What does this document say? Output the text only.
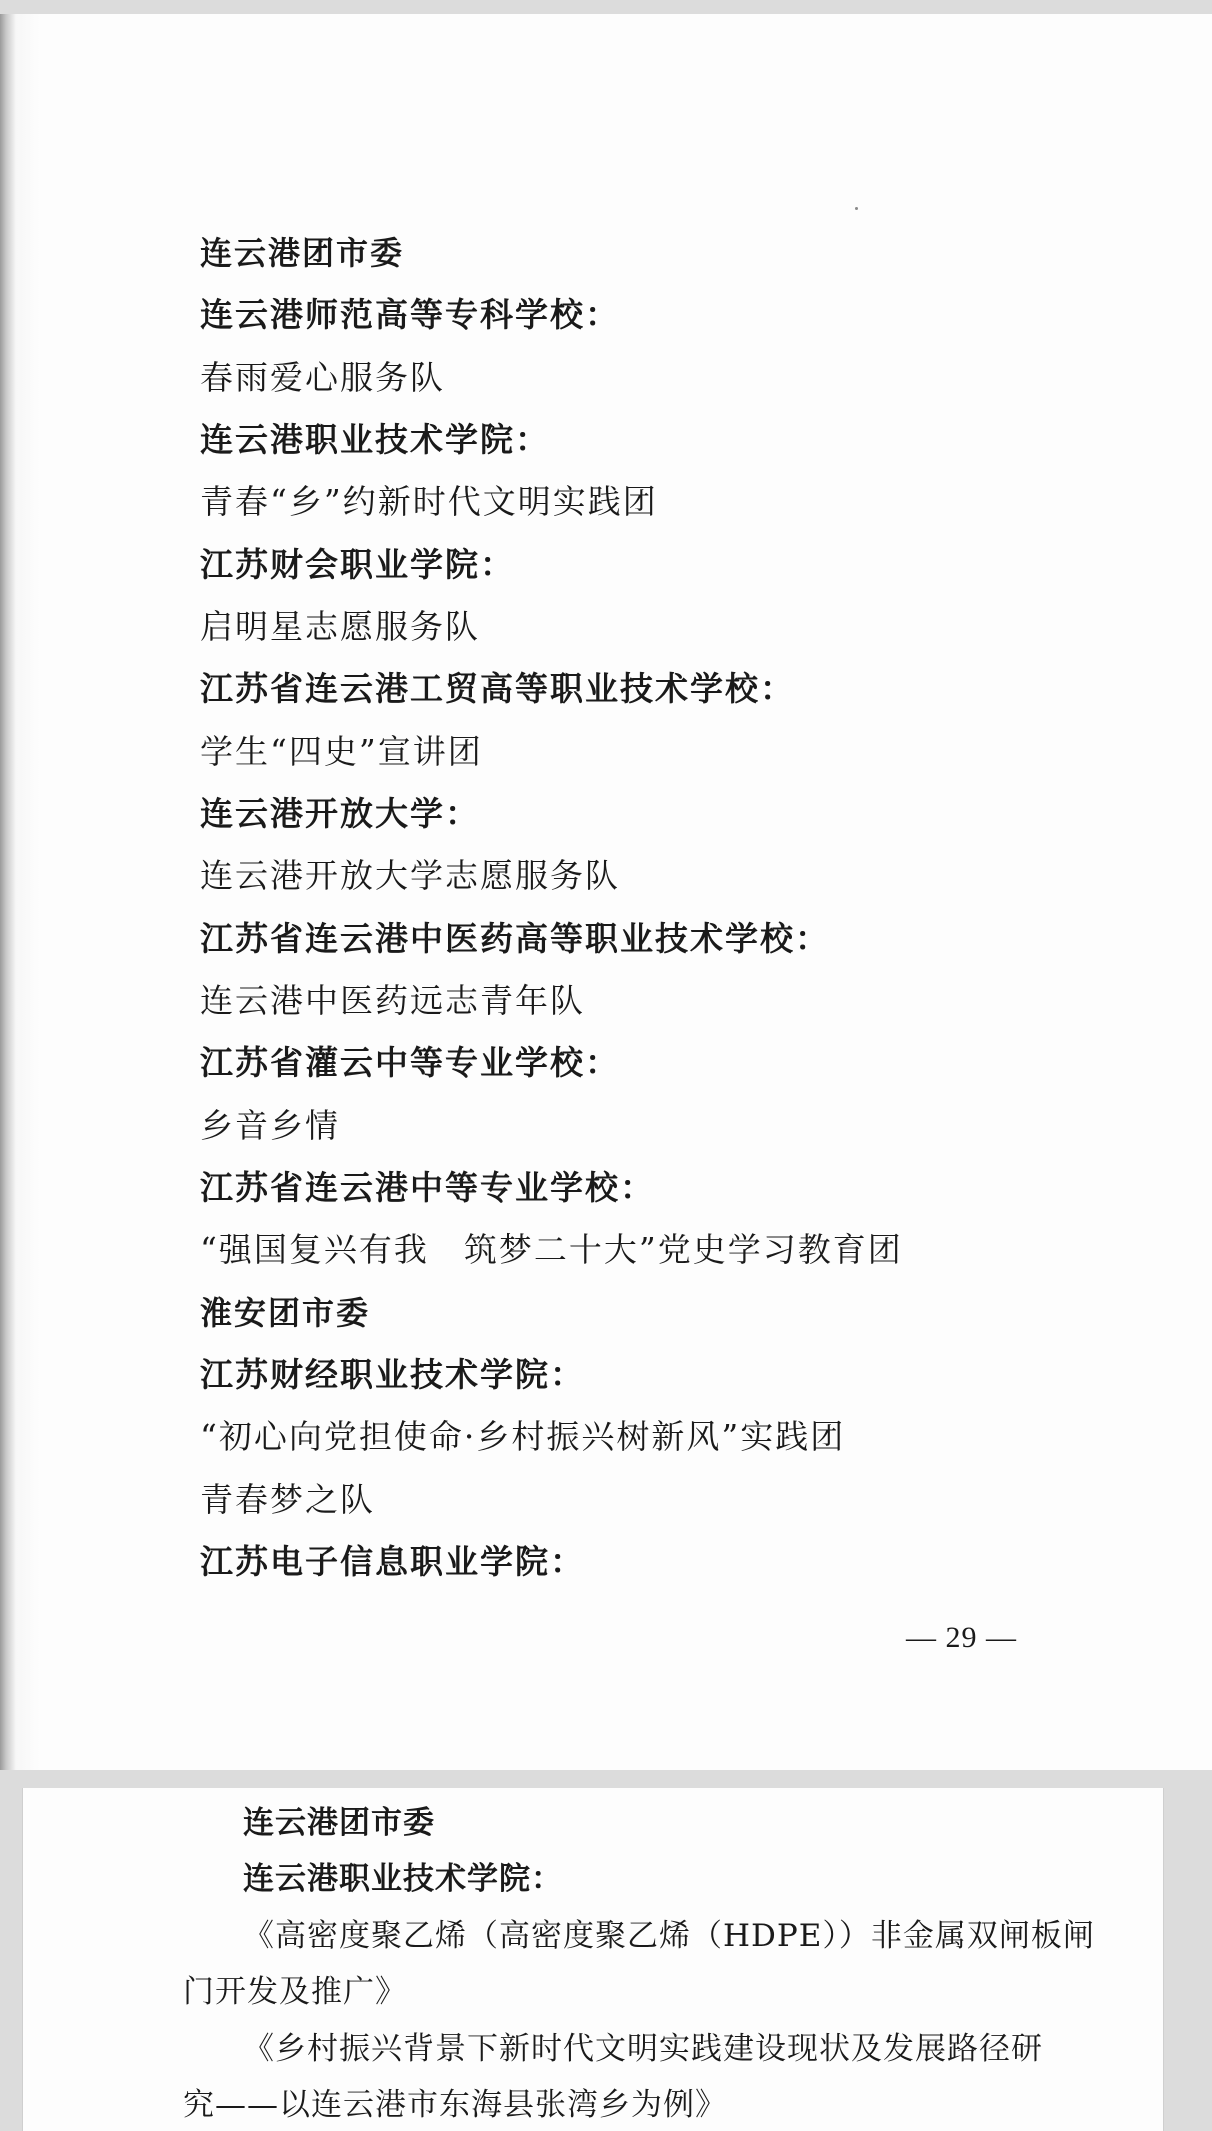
连云港团市委
连云港师范高等专科学校：
春雨爱心服务队
连云港职业技术学院：
青春“乡”约新时代文明实践团
江苏财会职业学院：
启明星志愿服务队
江苏省连云港工贸高等职业技术学校：
学生“四史”宣讲团
连云港开放大学：
连云港开放大学志愿服务队
江苏省连云港中医药高等职业技术学校：
连云港中医药远志青年队
江苏省灌云中等专业学校：
乡音乡情
江苏省连云港中等专业学校：
“强国复兴有我　筑梦二十大”党史学习教育团
淮安团市委
江苏财经职业技术学院：
“初心向党担使命·乡村振兴树新风”实践团
青春梦之队
江苏电子信息职业学院：
— 29 —
连云港团市委
连云港职业技术学院：
《高密度聚乙烯（高密度聚乙烯（HDPE））非金属双闸板闸
门开发及推广》
《乡村振兴背景下新时代文明实践建设现状及发展路径研
究——以连云港市东海县张湾乡为例》
